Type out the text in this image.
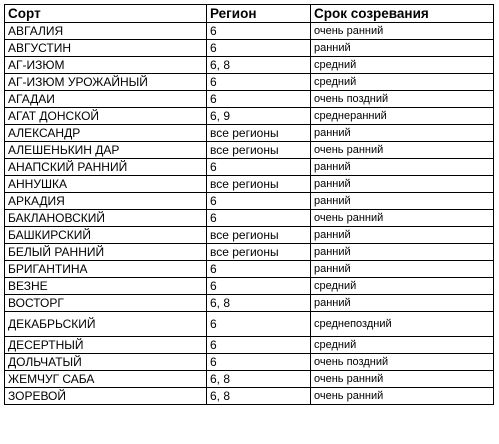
Сорт	Регион	Срок созревания
АВГАЛИЯ	6	очень ранний
АВГУСТИН	6	ранний
АГ-ИЗЮМ	6, 8	средний
АГ-ИЗЮМ УРОЖАЙНЫЙ	6	средний
АГАДАИ	6	очень поздний
АГАТ ДОНСКОЙ	6, 9	среднеранний
АЛЕКСАНДР	все регионы	ранний
АЛЕШЕНЬКИН ДАР	все регионы	очень ранний
АНАПСКИЙ РАННИЙ	6	ранний
АННУШКА	все регионы	ранний
АРКАДИЯ	6	ранний
БАКЛАНОВСКИЙ	6	очень ранний
БАШКИРСКИЙ	все регионы	ранний
БЕЛЫЙ РАННИЙ	все регионы	ранний
БРИГАНТИНА	6	ранний
ВЕЗНЕ	6	средний
ВОСТОРГ	6, 8	ранний
ДЕКАБРЬСКИЙ	6	среднепоздний
ДЕСЕРТНЫЙ	6	средний
ДОЛЬЧАТЫЙ	6	очень поздний
ЖЕМЧУГ САБА	6, 8	очень ранний
ЗОРЕВОЙ	6, 8	очень ранний
